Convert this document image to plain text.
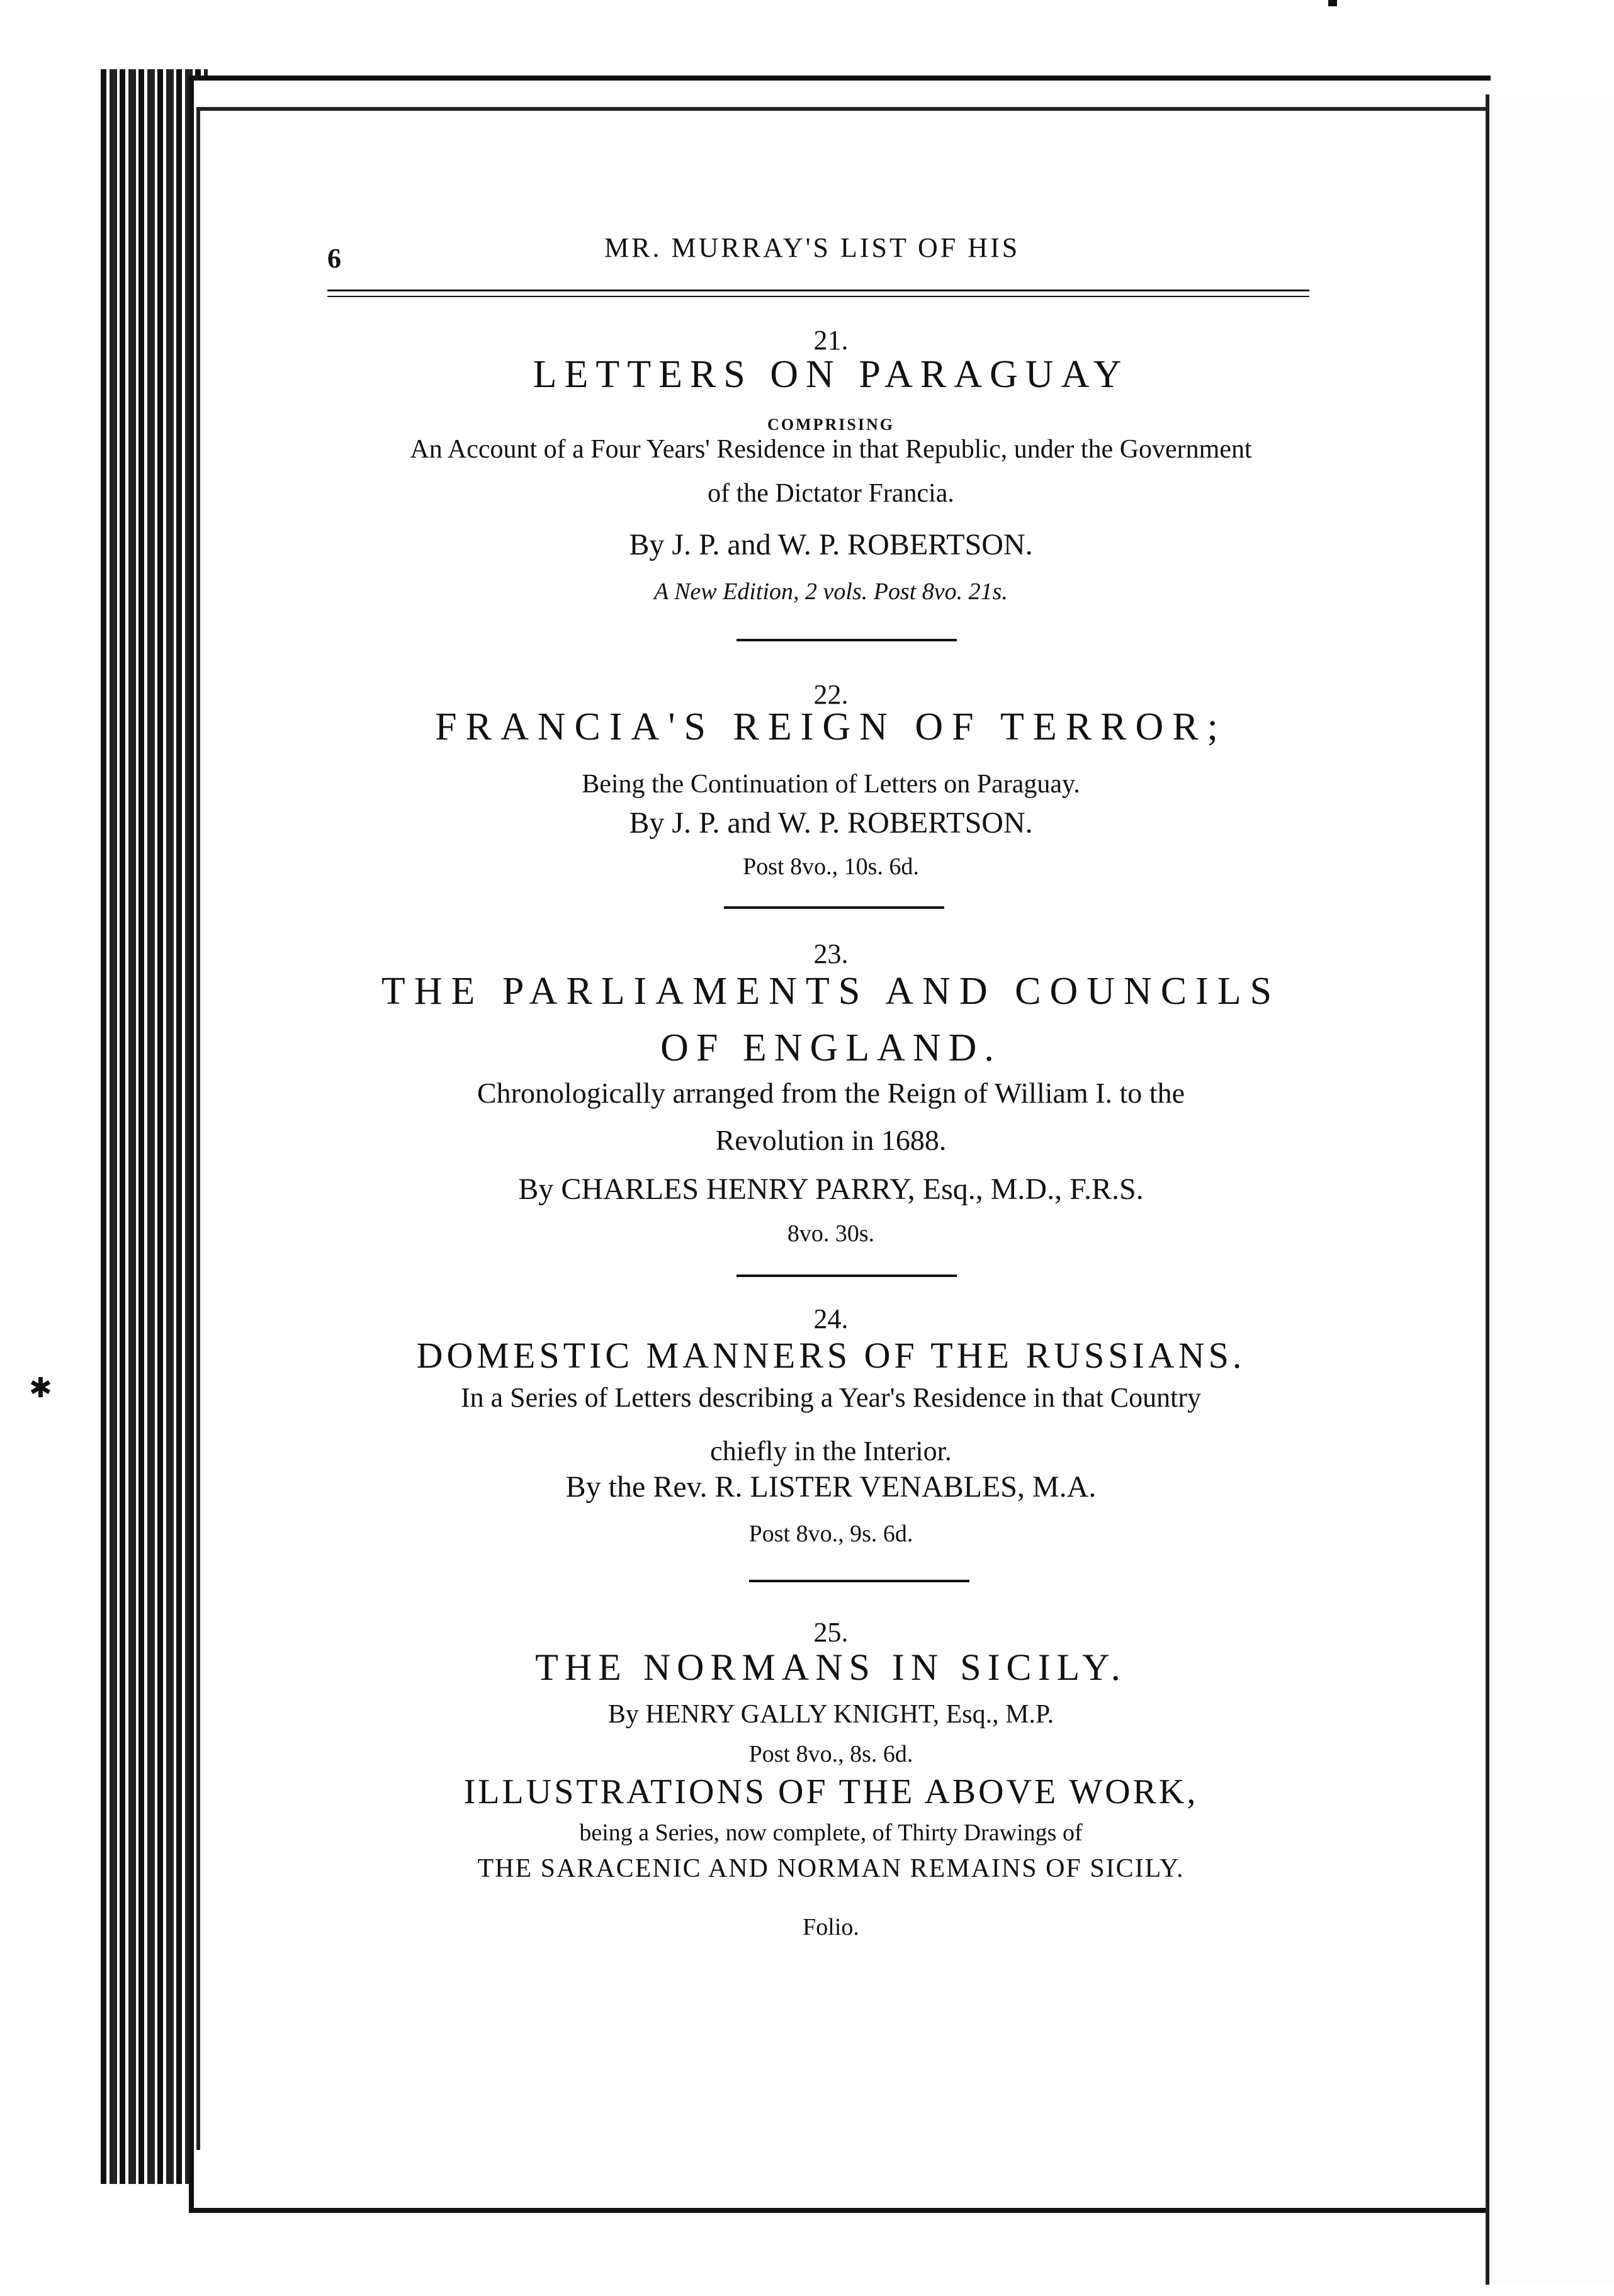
✱
6	MR. MURRAY'S LIST OF HIS
21.
LETTERS ON PARAGUAY
COMPRISING
An Account of a Four Years' Residence in that Republic, under the Government
of the Dictator Francia.
By J. P. and W. P. ROBERTSON.
A New Edition, 2 vols. Post 8vo. 21s.
22.
FRANCIA'S REIGN OF TERROR;
Being the Continuation of Letters on Paraguay.
By J. P. and W. P. ROBERTSON.
Post 8vo., 10s. 6d.
23.
THE PARLIAMENTS AND COUNCILS
OF ENGLAND.
Chronologically arranged from the Reign of William I. to the
Revolution in 1688.
By CHARLES HENRY PARRY, Esq., M.D., F.R.S.
8vo. 30s.
24.
DOMESTIC MANNERS OF THE RUSSIANS.
In a Series of Letters describing a Year's Residence in that Country
chiefly in the Interior.
By the Rev. R. LISTER VENABLES, M.A.
Post 8vo., 9s. 6d.
25.
THE NORMANS IN SICILY.
By HENRY GALLY KNIGHT, Esq., M.P.
Post 8vo., 8s. 6d.
ILLUSTRATIONS OF THE ABOVE WORK,
being a Series, now complete, of Thirty Drawings of
THE SARACENIC AND NORMAN REMAINS OF SICILY.
Folio.
